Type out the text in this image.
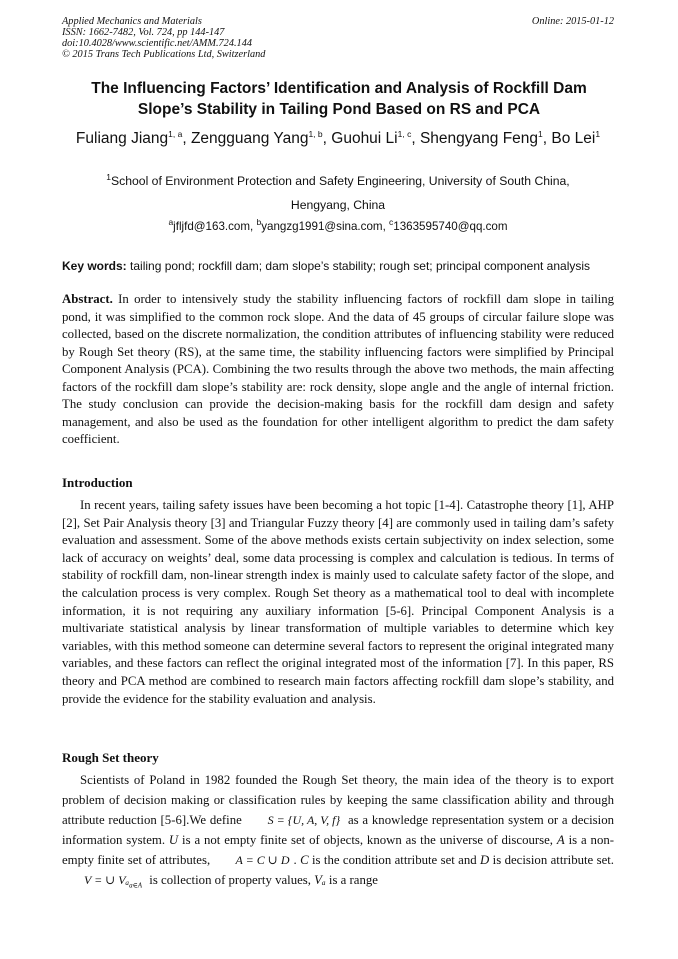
Applied Mechanics and Materials
ISSN: 1662-7482, Vol. 724, pp 144-147
doi:10.4028/www.scientific.net/AMM.724.144
© 2015 Trans Tech Publications Ltd, Switzerland
Online: 2015-01-12
The Influencing Factors’ Identification and Analysis of Rockfill Dam
Slope’s Stability in Tailing Pond Based on RS and PCA
Fuliang Jiang$^{1, a}$, Zengguang Yang$^{1, b}$, Guohui Li$^{1, c}$, Shengyang Feng$^1$, Bo Lei$^1$
$^1$School of Environment Protection and Safety Engineering, University of South China,
Hengyang, China
$^a$jfljfd@163.com, $^b$yangzg1991@sina.com, $^c$1363595740@qq.com
Key words: tailing pond; rockfill dam; dam slope’s stability; rough set; principal component analysis
Abstract. In order to intensively study the stability influencing factors of rockfill dam slope in tailing pond, it was simplified to the common rock slope. And the data of 45 groups of circular failure slope was collected, based on the discrete normalization, the condition attributes of influencing stability were reduced by Rough Set theory (RS), at the same time, the stability influencing factors were simplified by Principal Component Analysis (PCA). Combining the two results through the above two methods, the main affecting factors of the rockfill dam slope’s stability are: rock density, slope angle and the angle of internal friction. The study conclusion can provide the decision-making basis for the rockfill dam design and safety management, and also be used as the foundation for other intelligent algorithm to predict the dam safety coefficient.
Introduction
In recent years, tailing safety issues have been becoming a hot topic [1-4]. Catastrophe theory [1], AHP [2], Set Pair Analysis theory [3] and Triangular Fuzzy theory [4] are commonly used in tailing dam’s safety evaluation and assessment. Some of the above methods exists certain subjectivity on index selection, some lack of accuracy on weights’ deal, some data processing is complex and calculation is tedious. In terms of stability of rockfill dam, non-linear strength index is mainly used to calculate safety factor of the slope, and the calculation process is very complex. Rough Set theory as a mathematical tool to deal with incomplete information, it is not requiring any auxiliary information [5-6]. Principal Component Analysis is a multivariate statistical analysis by linear transformation of multiple variables to determine which key variables, with this method someone can determine several factors to represent the original integrated many variables, and these factors can reflect the original integrated most of the information [7]. In this paper, RS theory and PCA method are combined to research main factors affecting rockfill dam slope’s stability, and provide the evidence for the stability evaluation and analysis.
Rough Set theory
Scientists of Poland in 1982 founded the Rough Set theory, the main idea of the theory is to export problem of decision making or classification rules by keeping the same classification ability and through attribute reduction [5-6].We define S = {U, A, V, f} as a knowledge representation system or a decision information system. U is a not empty finite set of objects, known as the universe of discourse, A is a non-empty finite set of attributes, A = C ∪ D . C is the condition attribute set and D is decision attribute set. V = ∪ Vₐ$_{a\in A}$ is collection of property values, Vₐ is a range
